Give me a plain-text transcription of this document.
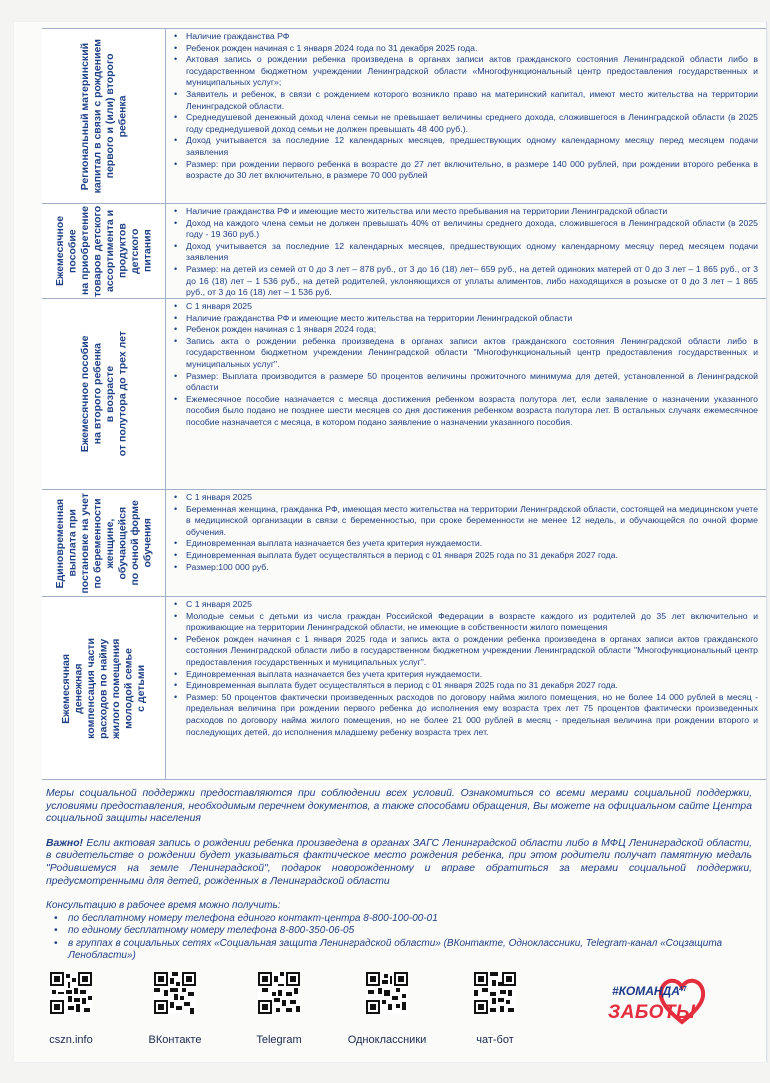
Региональный материнский
капитал в связи с рождением
первого и (или) второго
ребенка
• Наличие гражданства РФ
• Ребенок рожден начиная с 1 января 2024 года по 31 декабря 2025 года.
• Актовая запись о рождении ребенка произведена в органах записи актов гражданского состояния Ленинградской области либо в государственном бюджетном учреждении Ленинградской области «Многофункциональный центр предоставления государственных и муниципальных услуг»;
• Заявитель и ребенок, в связи с рождением которого возникло право на материнский капитал, имеют место жительства на территории Ленинградской области.
• Среднедушевой денежный доход члена семьи не превышает величины среднего дохода, сложившегося в Ленинградской области (в 2025 году среднедушевой доход семьи не должен превышать 48 400 руб.).
• Доход учитывается за последние 12 календарных месяцев, предшествующих одному календарному месяцу перед месяцем подачи заявления
• Размер: при рождении первого ребенка в возрасте до 27 лет включительно, в размере 140 000 рублей, при рождении второго ребенка в возрасте до 30 лет включительно, в размере 70 000 рублей
Ежемесячное пособие
на приобретение
товаров детского
ассортимента и
продуктов детского
питания
• Наличие гражданства РФ и имеющие место жительства или место пребывания на территории Ленинградской области
• Доход на каждого члена семьи не должен превышать 40% от величины среднего дохода, сложившегося в Ленинградской области (в 2025 году - 19 360 руб.)
• Доход учитывается за последние 12 календарных месяцев, предшествующих одному календарному месяцу перед месяцем подачи заявления
• Размер: на детей из семей от 0 до 3 лет – 878 руб., от 3 до 16 (18) лет– 659 руб., на детей одиноких матерей от 0 до 3 лет – 1 865 руб., от 3 до 16 (18) лет – 1 536 руб., на детей родителей, уклоняющихся от уплаты алиментов, либо находящихся в розыске от 0 до 3 лет – 1 865 руб., от 3 до 16 (18) лет – 1 536 руб.
Ежемесячное пособие
на второго ребенка
в возрасте
от полутора до трех лет
• С 1 января 2025
• Наличие гражданства РФ и имеющие место жительства на территории Ленинградской области
• Ребенок рожден начиная с 1 января 2024 года;
• Запись акта о рождении ребенка произведена в органах записи актов гражданского состояния Ленинградской области либо в государственном бюджетном учреждении Ленинградской области "Многофункциональный центр предоставления государственных и муниципальных услуг".
• Размер: Выплата производится в размере 50 процентов величины прожиточного минимума для детей, установленной в Ленинградской области
• Ежемесячное пособие назначается с месяца достижения ребенком возраста полутора лет, если заявление о назначении указанного пособия было подано не позднее шести месяцев со дня достижения ребенком возраста полутора лет. В остальных случаях ежемесячное пособие назначается с месяца, в котором подано заявление о назначении указанного пособия.
Единовременная
выплата при
постановке на учет
по беременности
женщине,
обучающейся
по очной форме
обучения
• С 1 января 2025
• Беременная женщина, гражданка РФ, имеющая место жительства на территории Ленинградской области, состоящей на медицинском учете в медицинской организации в связи с беременностью, при сроке беременности не менее 12 недель, и обучающейся по очной форме обучения.
• Единовременная выплата назначается без учета критерия нуждаемости.
• Единовременная выплата будет осуществляться в период с 01 января 2025 года по 31 декабря 2027 года.
• Размер:100 000 руб.
Ежемесячная
денежная
компенсация части
расходов по найму
жилого помещения
молодой семье
с детьми
• С 1 января 2025
• Молодые семьи с детьми из числа граждан Российской Федерации в возрасте каждого из родителей до 35 лет включительно и проживающие на территории Ленинградской области, не имеющие в собственности жилого помещения
• Ребенок рожден начиная с 1 января 2025 года и запись акта о рождении ребенка произведена в органах записи актов гражданского состояния Ленинградской области либо в государственном бюджетном учреждении Ленинградской области "Многофункциональный центр предоставления государственных и муниципальных услуг".
• Единовременная выплата назначается без учета критерия нуждаемости.
• Единовременная выплата будет осуществляться в период с 01 января 2025 года по 31 декабря 2027 года.
• Размер: 50 процентов фактически произведенных расходов по договору найма жилого помещения, но не более 14 000 рублей в месяц - предельная величина при рождении первого ребенка до исполнения ему возраста трех лет 75 процентов фактически произведенных расходов по договору найма жилого помещения, но не более 21 000 рублей в месяц - предельная величина при рождении второго и последующих детей, до исполнения младшему ребенку возраста трех лет.

Меры социальной поддержки предоставляются при соблюдении всех условий. Ознакомиться со всеми мерами социальной поддержки, условиями предоставления, необходимым перечнем документов, а также способами обращения, Вы можете на официальном сайте Центра социальной защиты населения

Важно! Если актовая запись о рождении ребенка произведена в органах ЗАГС Ленинградской области либо в МФЦ Ленинградской области, в свидетельстве о рождении будет указываться фактическое место рождения ребенка, при этом родители получат памятную медаль "Родившемуся на земле Ленинградской", подарок новорожденному и вправе обратиться за мерами социальной поддержки, предусмотренными для детей, рожденных в Ленинградской области

Консультацию в рабочее время можно получить:
• по бесплатному номеру телефона единого контакт-центра 8-800-100-00-01
• по единому бесплатному номеру телефона 8-800-350-06-05
• в группах в социальных сетях «Социальная защита Ленинградской области» (ВКонтакте, Одноклассники, Telegram-канал «Соцзащита Ленобласти»)
cszn.info	ВКонтакте	Telegram	Одноклассники	чат-бот
#КОМАНДА 47
ЗАБОТЫ
